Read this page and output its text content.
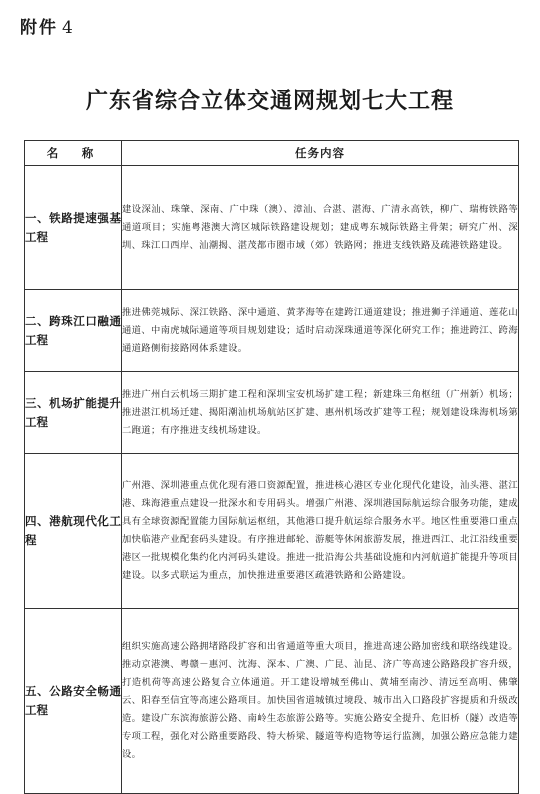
附件 4
广东省综合立体交通网规划七大工程
名　称	任务内容
一、铁路提速强基工程	建设深汕、珠肇、深南、广中珠（澳）、漳汕、合湛、湛海、广清永高铁，柳广、瑞梅铁路等通道项目；实施粤港澳大湾区城际铁路建设规划；建成粤东城际铁路主骨架；研究广州、深圳、珠江口西岸、汕潮揭、湛茂都市圈市域（郊）铁路网；推进支线铁路及疏港铁路建设。
二、跨珠江口融通工程	推进佛莞城际、深江铁路、深中通道、黄茅海等在建跨江通道建设；推进狮子洋通道、莲花山通道、中南虎城际通道等项目规划建设；适时启动深珠通道等深化研究工作；推进跨江、跨海通道路侧衔接路网体系建设。
三、机场扩能提升工程	推进广州白云机场三期扩建工程和深圳宝安机场扩建工程；新建珠三角枢纽（广州新）机场；推进湛江机场迁建、揭阳潮汕机场航站区扩建、惠州机场改扩建等工程；规划建设珠海机场第二跑道；有序推进支线机场建设。
四、港航现代化工程	广州港、深圳港重点优化现有港口资源配置，推进核心港区专业化现代化建设，汕头港、湛江港、珠海港重点建设一批深水和专用码头。增强广州港、深圳港国际航运综合服务功能，建成具有全球资源配置能力国际航运枢纽，其他港口提升航运综合服务水平。地区性重要港口重点加快临港产业配套码头建设。有序推进邮轮、游艇等休闲旅游发展，推进西江、北江沿线重要港区一批规模化集约化内河码头建设。推进一批沿海公共基础设施和内河航道扩能提升等项目建设。以多式联运为重点，加快推进重要港区疏港铁路和公路建设。
五、公路安全畅通工程	组织实施高速公路拥堵路段扩容和出省通道等重大项目，推进高速公路加密线和联络线建设。推动京港澳、粤赣－惠河、沈海、深本、广澳、广昆、汕昆、济广等高速公路路段扩容升级，打造机荷等高速公路复合立体通道。开工建设增城至佛山、黄埔至南沙、清远至高明、佛肇云、阳春至信宜等高速公路项目。加快国省道城镇过境段、城市出入口路段扩容提质和升级改造。建设广东滨海旅游公路、南岭生态旅游公路等。实施公路安全提升、危旧桥（隧）改造等专项工程，强化对公路重要路段、特大桥梁、隧道等构造物等运行监测，加强公路应急能力建设。
